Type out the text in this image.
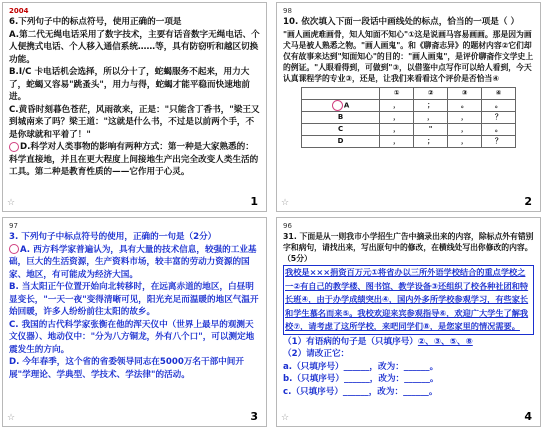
2004

6.下列句子中的标点符号，使用正确的一项是

A.第二代无绳电话采用了数字技术，主要有话音数字无绳电话、个人便携式电话、个人移入通信系统……等，具有防窃听和越区切换功能。

B.I/C 卡电话机会选择，所以分十了，蛇蝎服务不起来，用力大了，蛇蝎又容易"跳蚤头"，用力与得，蛇蝎才能平稳而快速地前进。

C.黄昏时刻暮色苍茫，风雨欲来，正是："只能含丁香书，"梁王又到城南来了吗？梁王道："这就是什么书，不过是以前两个手，不是你球就和平着了！"

D.科学对人类事物的影响有两种方式：第一种是大家熟悉的：科学直接地，并且在更大程度上间接地生产出完全改变人类生活的工具。第二种是教育性质的——它作用于心灵。

☆	1
98

10. 依次填入下面一段话中画线处的标点，恰当的一项是（ ）

"画人画虎难画骨，知人知面不知心"①这是说画马容易画画。那是因为画犬马是被人熟悉之物。"画人画鬼"。和《聊斋志异》的题材内容②它们却仅有故事来达到"知面知心"的目的："画人画鬼"，是评价聊斋作文学史上的例证。"人眼看得到，可做到"③，以借鉴中点写作可以给人看到，今天认真课程学的专业③，还是，让我们来看看这个评价是否恰当④

	①	②	③	④
A	，	；	。	。
B	，	，	，	？
C	，	"	，	。
D	，	；	，	？
☆	2
97

3. 下列句子中标点符号的使用，正确的一句是（2分）

A. 西方科学家普遍认为，具有大量的技术信息，较强的工业基础，巨大的生活资源，生产资料市场，较丰富的劳动力资源的国家、地区，有可能成为经济大国。

B. 当太阳正午位置开始向北转移时，在远离赤道的地区，白昼明显变长，"一天一夜"变得清晰可见，阳光充足而温暖的地区气温开始回暖，许多人纷纷前往太阳的故乡。

C. 我国的古代科学家张衡在他的浑天仪中（世界上最早的观测天文仪器）、地动仪中："分为八方铜龙，外有八个口"，可以测定地震发生的方向。

D. 今年春季，这个省的省委领导同志在5000万名干部中间开展"学理论、学典型、学技术、学法律"的活动。

☆	3
96

31. 下面是从一则我市小学招生广告中摘录出来的内容，除标点外有错别字和病句，请找出来，写出原句中的修改，在横线处写出你修改的内容。（5分）

我校是×××捐资百万元①将省办以三所外语学校结合的重点学校之一②有自己的教学楼、图书馆、教学设备③还组织了校各种社团和特长班④，由于办学成绩突出④，国内外多所学校参观学习，有些家长和学生慕名而来⑤。我校欢迎来宾参观指导⑥，欢迎广大学生了解我校⑦，请考虑了这所学校，来吧同学们⑧，是您家里的情况需要。

（1）有语病的句子是（只填序号）②、③、⑤、⑧

（2）请改正它：

a.（只填序号）______，改为：______。

b.（只填序号）______，改为：______。

c.（只填序号）______，改为：______。

☆	4
